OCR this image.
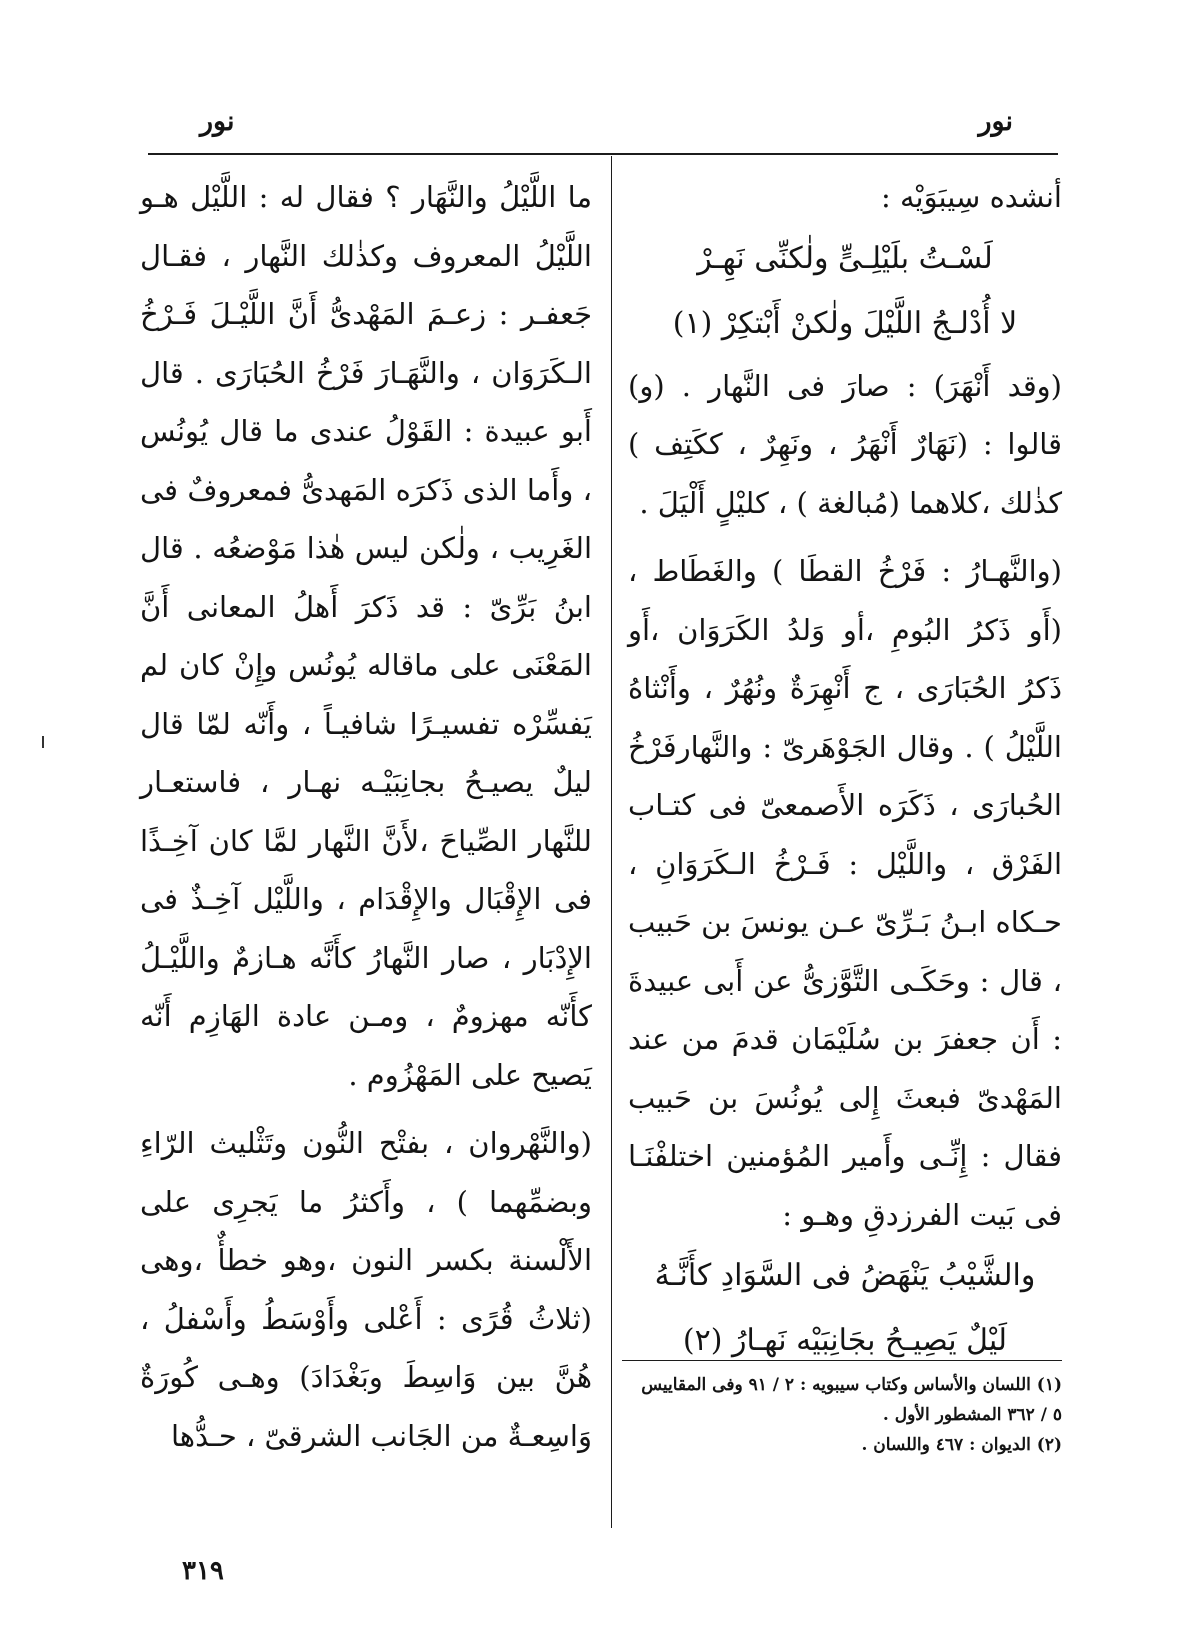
نور
نور

أنشده سِيبَوَيْه :

لَسْـتُ بلَيْلِـىٍّ ولٰكنِّى نَهِـرْ

لا أُدْلـجُ اللَّيْلَ ولٰكنْ أَبْتكِرْ (١)

(وقد أَنْهَرَ) : صارَ فى النَّهار . (و) قالوا : (نَهَارٌ أَنْهَرُ ، ونَهِرٌ ، ككَتِف ) كذٰلك ،كلاهما (مُبالغة ) ، كليْلٍ أَلْيَلَ .

(والنَّهـارُ : فَرْخُ القطَا ) والغَطَاط ، (أَو ذَكرُ البُومِ ،أو وَلدُ الكَرَوَان ،أَو ذَكرُ الحُبَارَى ، ج أَنْهِرَةٌ ونُهُرٌ ، وأَنْثاهُ اللَّيْلُ ) . وقال الجَوْهَرىّ : والنَّهارفَرْخُ الحُبارَى ، ذَكَرَه الأَصمعىّ فى كتـاب الفَرْق ، واللَّيْل : فَـرْخُ الـكَرَوَانِ ، حـكاه ابـنُ بَـرِّىّ عـن يونسَ بن حَبيب ، قال : وحَكَـى التَّوَّزىُّ عن أَبى عبيدةَ : أَن جعفرَ بن سُلَيْمَان قدمَ من عند المَهْدىّ فبعثَ إِلى يُونُسَ بن حَبيب فقال : إِنِّـى وأَمير المُؤمنين اختلفْنَـا فى بَيت الفرزدقِ وهـو :

والشَّيْبُ يَنْهَضُ فى السَّوَادِ كأَنَّـهُ

لَيْلٌ يَصِيـحُ بجَانِبَيْه نَهـارُ (٢)

ما اللَّيْلُ والنَّهَار ؟ فقال له : اللَّيْل هـو اللَّيْلُ المعروف وكذٰلك النَّهار ، فقـال جَعفـر : زعـمَ المَهْدىُّ أَنَّ اللَّيْـلَ فَـرْخُ الـكَرَوَان ، والنَّهَـارَ فَرْخُ الحُبَارَى . قال أَبو عبيدة : القَوْلُ عندى ما قال يُونُس ، وأَما الذى ذَكرَه المَهدىُّ فمعروفٌ فى الغَرِيب ، ولٰكن ليس هٰذا مَوْضعُه . قال ابنُ بَرِّىّ : قد ذَكرَ أَهلُ المعانى أَنَّ المَعْنَى على ماقاله يُونُس وإِنْ كان لم يَفسِّرْه تفسيـرًا شافيـاً ، وأَنّه لمّا قال ليلٌ يصيـحُ بجانِبَيْـه نهـار ، فاستعـار للنَّهار الصِّياحَ ،لأَنَّ النَّهار لمَّا كان آخِـذًا فى الإِقْبَال والإِقْدَام ، واللَّيْل آخِـذٌ فى الإِدْبَار ، صار النَّهارُ كأَنَّه هـازمٌ واللَّيْـلُ كأَنّه مهزومٌ ، ومـن عادة الهَازِم أَنّه يَصيح على المَهْزُوم .

(والنَّهْروان ، بفتْح النُّون وتَثْليث الرّاءِ وبضمِّهما ) ، وأَكثرُ ما يَجرِى على الأَلْسنة بكسر النون ،وهو خطأٌ ،وهى (ثلاثُ قُرًى : أَعْلى وأَوْسَطُ وأَسْفلُ ، هُنَّ بين وَاسِطَ وبَغْدَادَ) وهـى كُورَةٌ وَاسِعـةٌ من الجَانب الشرقىّ ، حـدُّها

(١) اللسان والأساس وكتاب سيبويه : ٢ / ٩١ وفى المقاييس

٥ / ٣٦٢ المشطور الأول .

(٢) الديوان : ٤٦٧ واللسان .

٣١٩
